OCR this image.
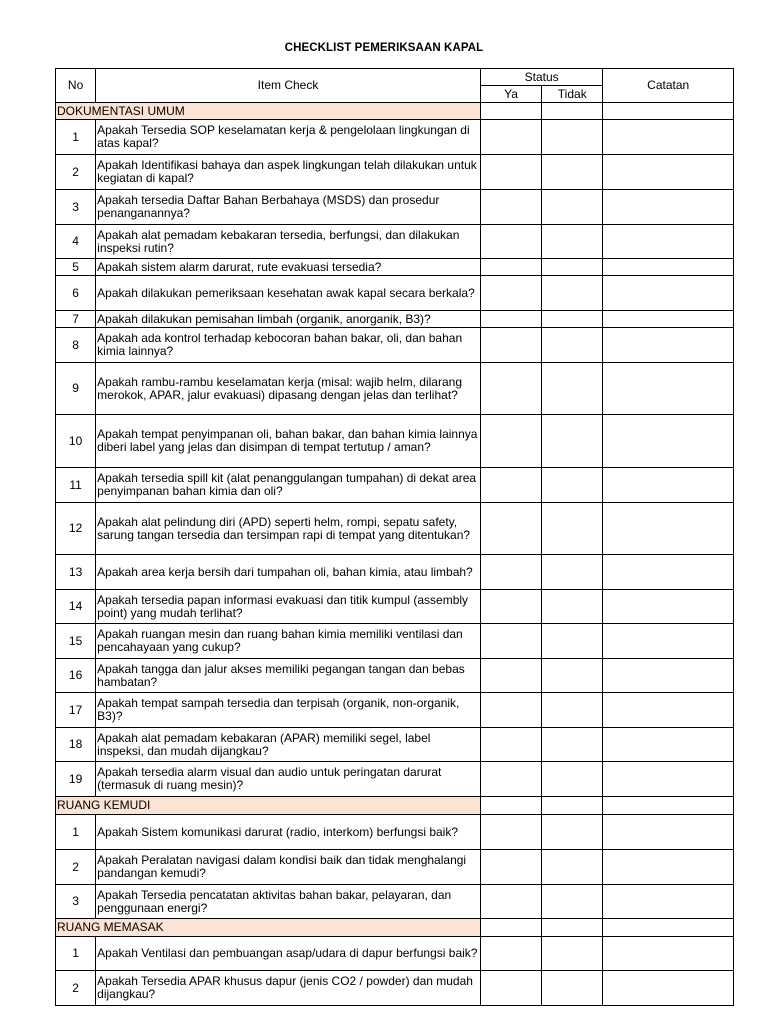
CHECKLIST PEMERIKSAAN KAPAL
No	Item Check	Status		Catatan
		Ya	Tidak	
DOKUMENTASI UMUM				
1	Apakah Tersedia SOP keselamatan kerja & pengelolaan lingkungan di atas kapal?			
2	Apakah Identifikasi bahaya dan aspek lingkungan telah dilakukan untuk kegiatan di kapal?			
3	Apakah tersedia Daftar Bahan Berbahaya (MSDS) dan prosedur penanganannya?			
4	Apakah alat pemadam kebakaran tersedia, berfungsi, dan dilakukan inspeksi rutin?			
5	Apakah sistem alarm darurat, rute evakuasi tersedia?			
6	Apakah dilakukan pemeriksaan kesehatan awak kapal secara berkala?			
7	Apakah dilakukan pemisahan limbah (organik, anorganik, B3)?			
8	Apakah ada kontrol terhadap kebocoran bahan bakar, oli, dan bahan kimia lainnya?			
9	Apakah rambu-rambu keselamatan kerja (misal: wajib helm, dilarang merokok, APAR, jalur evakuasi) dipasang dengan jelas dan terlihat?			
10	Apakah tempat penyimpanan oli, bahan bakar, dan bahan kimia lainnya diberi label yang jelas dan disimpan di tempat tertutup / aman?			
11	Apakah tersedia spill kit (alat penanggulangan tumpahan) di dekat area penyimpanan bahan kimia dan oli?			
12	Apakah alat pelindung diri (APD) seperti helm, rompi, sepatu safety, sarung tangan tersedia dan tersimpan rapi di tempat yang ditentukan?			
13	Apakah area kerja bersih dari tumpahan oli, bahan kimia, atau limbah?			
14	Apakah tersedia papan informasi evakuasi dan titik kumpul (assembly point) yang mudah terlihat?			
15	Apakah ruangan mesin dan ruang bahan kimia memiliki ventilasi dan pencahayaan yang cukup?			
16	Apakah tangga dan jalur akses memiliki pegangan tangan dan bebas hambatan?			
17	Apakah tempat sampah tersedia dan terpisah (organik, non-organik, B3)?			
18	Apakah alat pemadam kebakaran (APAR) memiliki segel, label inspeksi, dan mudah dijangkau?			
19	Apakah tersedia alarm visual dan audio untuk peringatan darurat (termasuk di ruang mesin)?			
RUANG KEMUDI				
1	Apakah Sistem komunikasi darurat (radio, interkom) berfungsi baik?			
2	Apakah Peralatan navigasi dalam kondisi baik dan tidak menghalangi pandangan kemudi?			
3	Apakah Tersedia pencatatan aktivitas bahan bakar, pelayaran, dan penggunaan energi?			
RUANG MEMASAK				
1	Apakah Ventilasi dan pembuangan asap/udara di dapur berfungsi baik?			
2	Apakah Tersedia APAR khusus dapur (jenis CO2 / powder) dan mudah dijangkau?			
